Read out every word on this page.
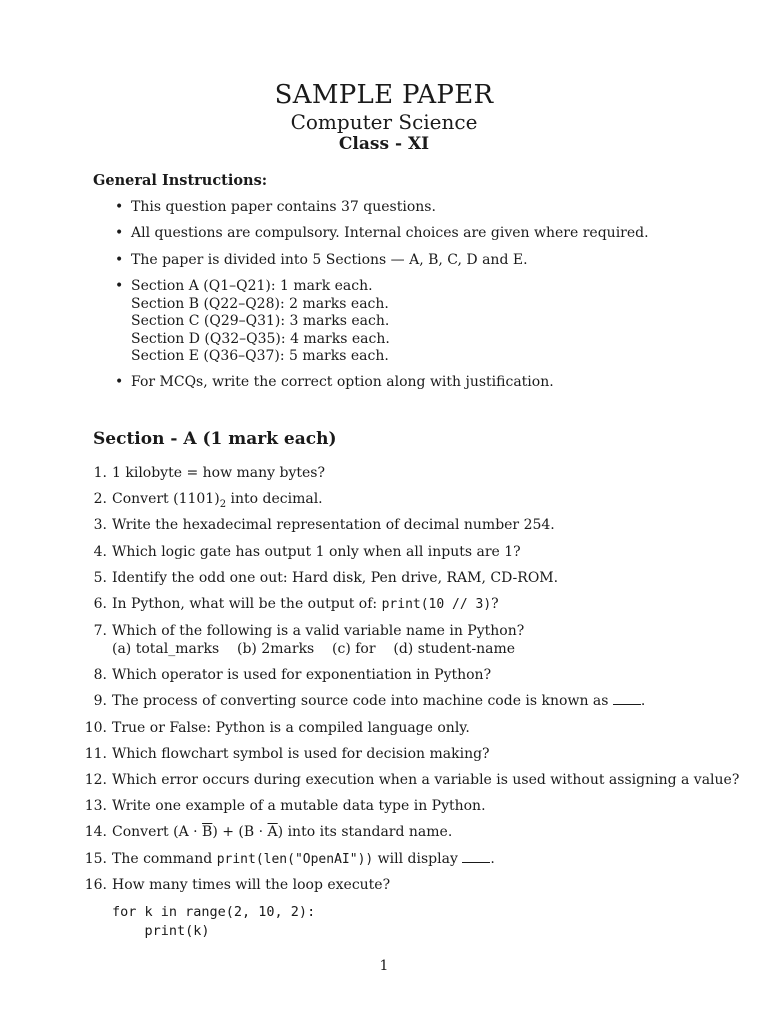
SAMPLE PAPER
Computer Science
Class - XI
General Instructions:
• This question paper contains 37 questions.
• All questions are compulsory. Internal choices are given where required.
• The paper is divided into 5 Sections — A, B, C, D and E.
• Section A (Q1–Q21): 1 mark each.
Section B (Q22–Q28): 2 marks each.
Section C (Q29–Q31): 3 marks each.
Section D (Q32–Q35): 4 marks each.
Section E (Q36–Q37): 5 marks each.
• For MCQs, write the correct option along with justification.
Section - A (1 mark each)
1. 1 kilobyte = how many bytes?
2. Convert $(1101)_2$ into decimal.
3. Write the hexadecimal representation of decimal number 254.
4. Which logic gate has output 1 only when all inputs are 1?
5. Identify the odd one out: Hard disk, Pen drive, RAM, CD-ROM.
6. In Python, what will be the output of: print(10 // 3)?
7. Which of the following is a valid variable name in Python?
(a) total_marks    (b) 2marks    (c) for    (d) student-name
8. Which operator is used for exponentiation in Python?
9. The process of converting source code into machine code is known as .
10. True or False: Python is a compiled language only.
11. Which flowchart symbol is used for decision making?
12. Which error occurs during execution when a variable is used without assigning a value?
13. Write one example of a mutable data type in Python.
14. Convert $(A \cdot \overline{B}) + (B \cdot \overline{A})$ into its standard name.
15. The command print(len("OpenAI")) will display .
16. How many times will the loop execute?
for k in range(2, 10, 2):
print(k)
1
